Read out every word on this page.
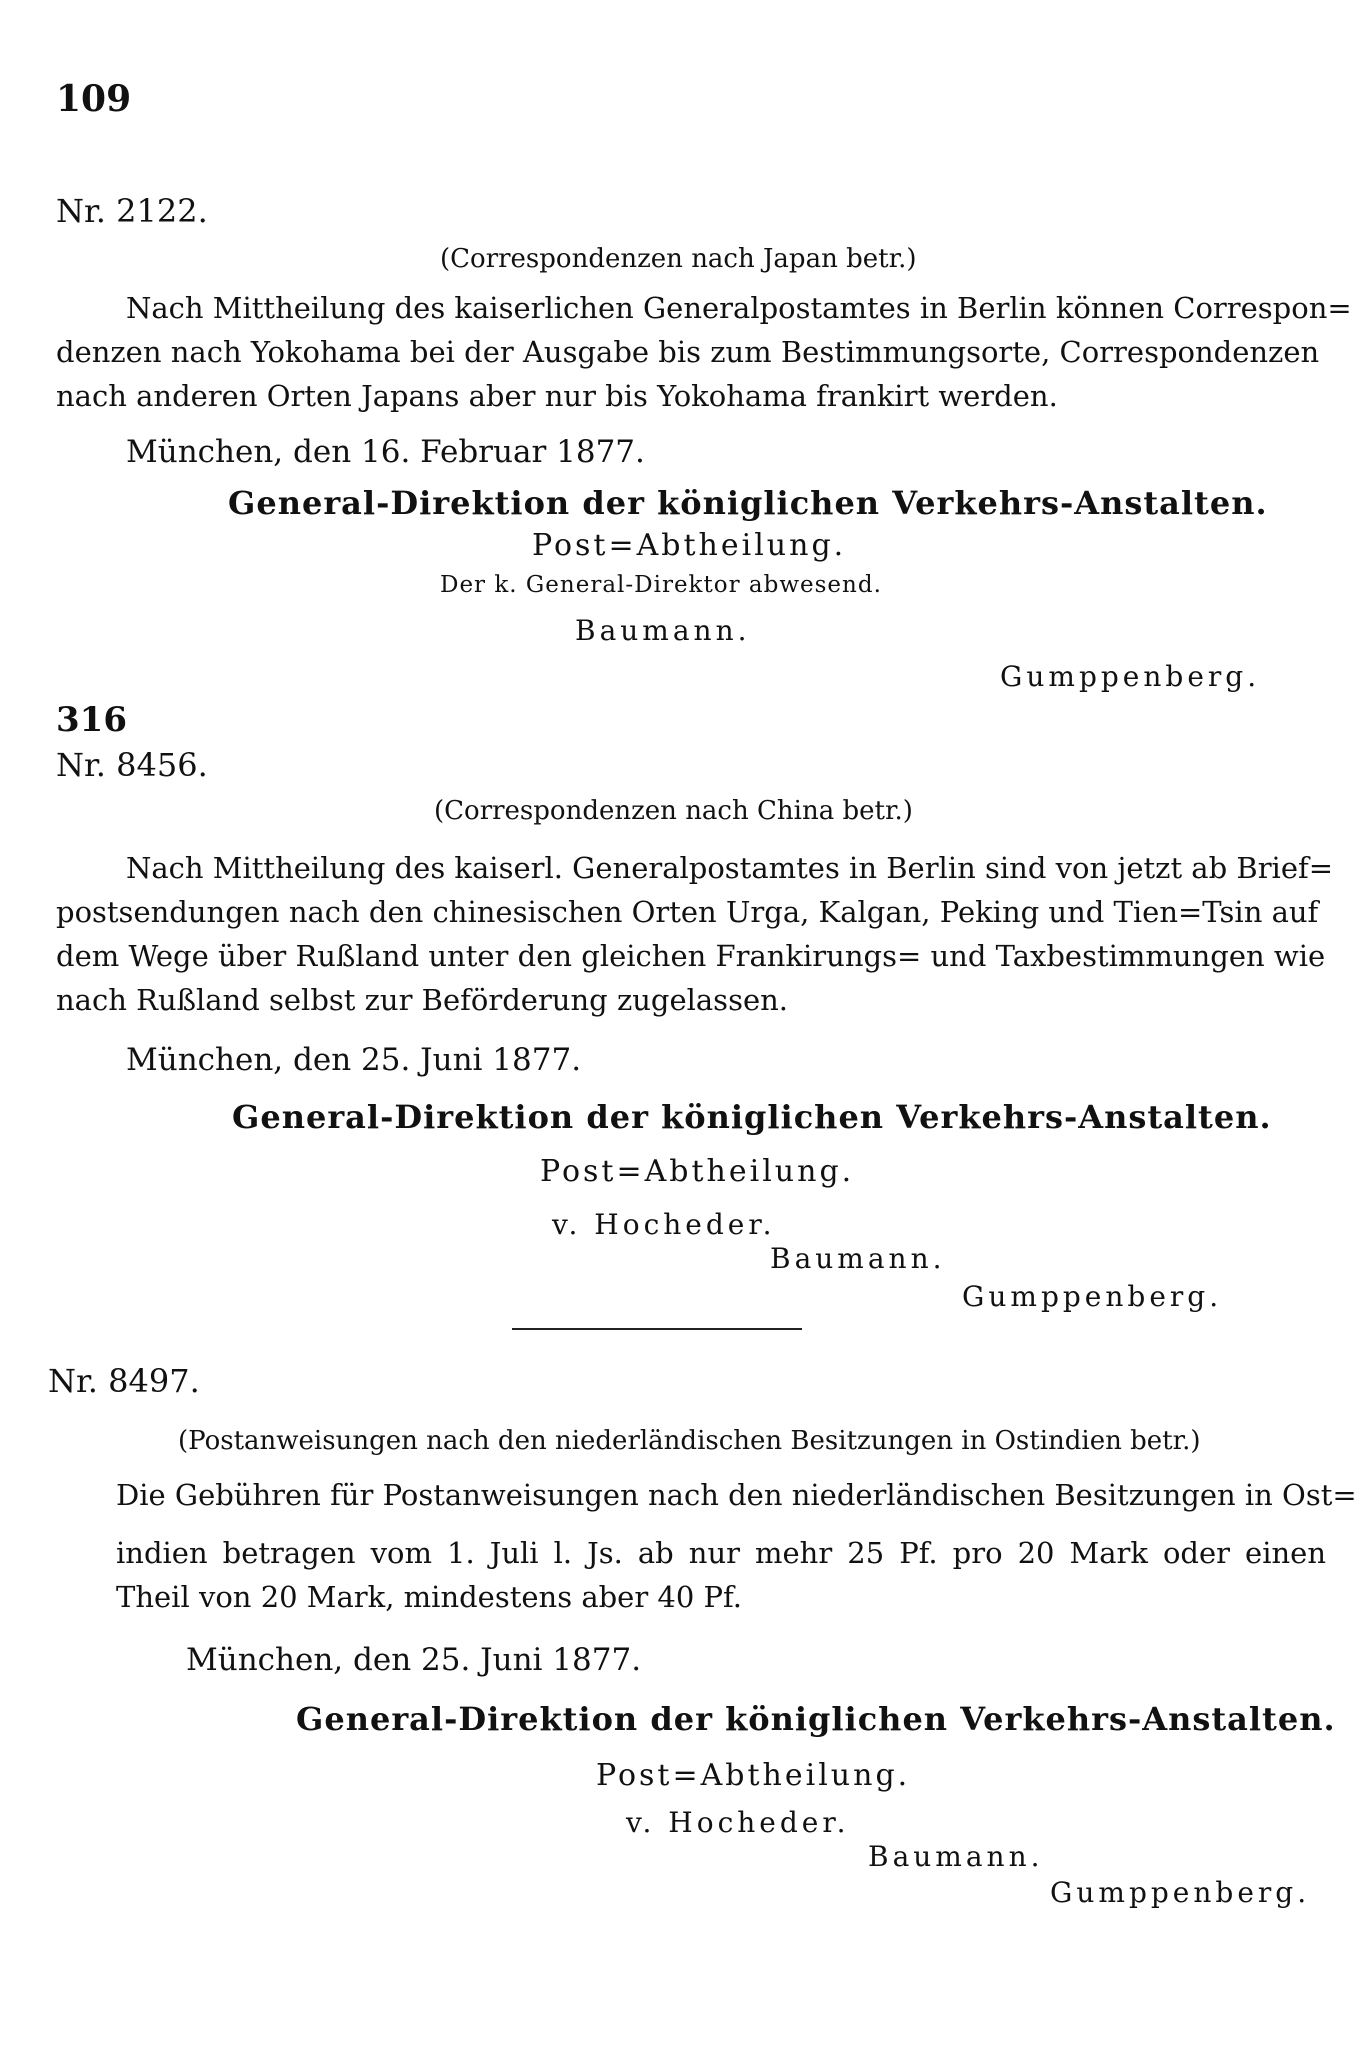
109
Nr. 2122.
(Correspondenzen nach Japan betr.)
Nach Mittheilung des kaiserlichen Generalpostamtes in Berlin können Correspon=
denzen nach Yokohama bei der Ausgabe bis zum Bestimmungsorte, Correspondenzen
nach anderen Orten Japans aber nur bis Yokohama frankirt werden.
München, den 16. Februar 1877.
General-Direktion der königlichen Verkehrs-Anstalten.
Post=Abtheilung.
Der k. General-Direktor abwesend.
Baumann.
Gumppenberg.
316
Nr. 8456.
(Correspondenzen nach China betr.)
Nach Mittheilung des kaiserl. Generalpostamtes in Berlin sind von jetzt ab Brief=
postsendungen nach den chinesischen Orten Urga, Kalgan, Peking und Tien=Tsin auf
dem Wege über Rußland unter den gleichen Frankirungs= und Taxbestimmungen wie
nach Rußland selbst zur Beförderung zugelassen.
München, den 25. Juni 1877.
General-Direktion der königlichen Verkehrs-Anstalten.
Post=Abtheilung.
v. Hocheder.
Baumann.
Gumppenberg.
Nr. 8497.
(Postanweisungen nach den niederländischen Besitzungen in Ostindien betr.)
Die Gebühren für Postanweisungen nach den niederländischen Besitzungen in Ost=
indien betragen vom 1. Juli l. Js. ab nur mehr 25 Pf. pro 20 Mark oder einen
Theil von 20 Mark, mindestens aber 40 Pf.
München, den 25. Juni 1877.
General-Direktion der königlichen Verkehrs-Anstalten.
Post=Abtheilung.
v. Hocheder.
Baumann.
Gumppenberg.
